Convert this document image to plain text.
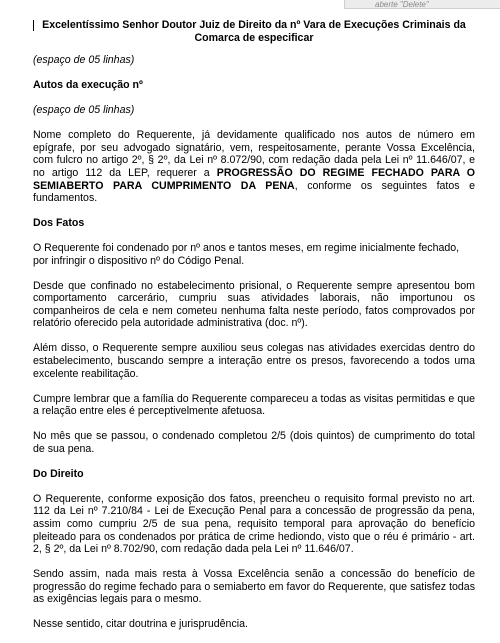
aberte "Delete"
Excelentíssimo Senhor Doutor Juiz de Direito da nº Vara de Execuções Criminais da Comarca de especificar
(espaço de 05 linhas)
Autos da execução nº
(espaço de 05 linhas)
Nome completo do Requerente, já devidamente qualificado nos autos de número em epígrafe, por seu advogado signatário, vem, respeitosamente, perante Vossa Excelência, com fulcro no artigo 2º, § 2º, da Lei nº 8.072/90, com redação dada pela Lei nº 11.646/07, e no artigo 112 da LEP, requerer a PROGRESSÃO DO REGIME FECHADO PARA O SEMIABERTO PARA CUMPRIMENTO DA PENA, conforme os seguintes fatos e fundamentos.
Dos Fatos
O Requerente foi condenado por nº anos e tantos meses, em regime inicialmente fechado, por infringir o dispositivo nº do Código Penal.
Desde que confinado no estabelecimento prisional, o Requerente sempre apresentou bom comportamento carcerário, cumpriu suas atividades laborais, não importunou os companheiros de cela e nem cometeu nenhuma falta neste período, fatos comprovados por relatório oferecido pela autoridade administrativa (doc. nº).
Além disso, o Requerente sempre auxiliou seus colegas nas atividades exercidas dentro do estabelecimento, buscando sempre a interação entre os presos, favorecendo a todos uma excelente reabilitação.
Cumpre lembrar que a família do Requerente compareceu a todas as visitas permitidas e que a relação entre eles é perceptivelmente afetuosa.
No mês que se passou, o condenado completou 2/5 (dois quintos) de cumprimento do total de sua pena.
Do Direito
O Requerente, conforme exposição dos fatos, preencheu o requisito formal previsto no art. 112 da Lei nº 7.210/84 - Lei de Execução Penal para a concessão de progressão da pena, assim como cumpriu 2/5 de sua pena, requisito temporal para aprovação do benefício pleiteado para os condenados por prática de crime hediondo, visto que o réu é primário - art. 2, § 2º, da Lei nº 8.702/90, com redação dada pela Lei nº 11.646/07.
Sendo assim, nada mais resta à Vossa Excelência senão a concessão do benefício de progressão do regime fechado para o semiaberto em favor do Requerente, que satisfez todas as exigências legais para o mesmo.
Nesse sentido, citar doutrina e jurisprudência.
